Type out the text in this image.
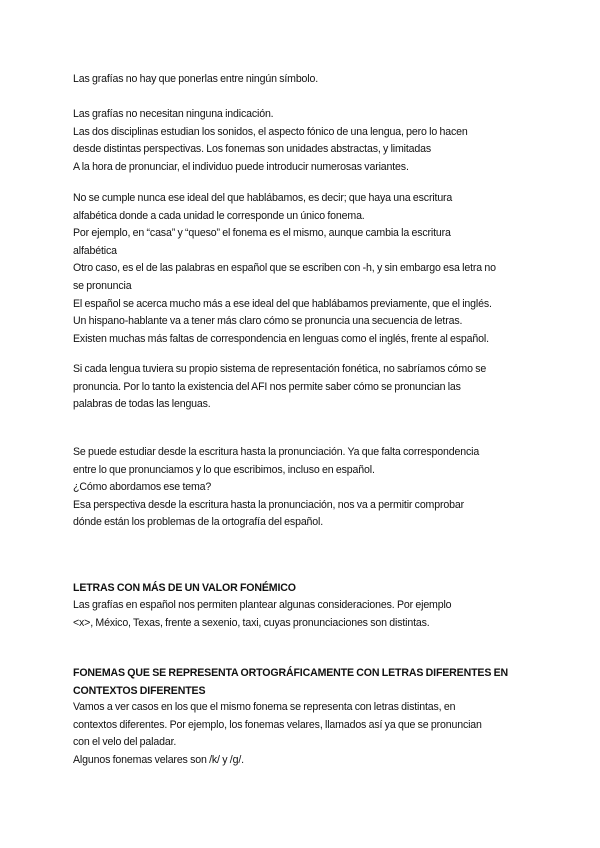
Las grafías no hay que ponerlas entre ningún símbolo.
Las grafías no necesitan ninguna indicación.
Las dos disciplinas estudian los sonidos, el aspecto fónico de una lengua, pero lo hacen
desde distintas perspectivas. Los fonemas son unidades abstractas, y limitadas
A la hora de pronunciar, el individuo puede introducir numerosas variantes.
No se cumple nunca ese ideal del que hablábamos, es decir; que haya una escritura
alfabética donde a cada unidad le corresponde un único fonema.
Por ejemplo, en “casa” y “queso” el fonema es el mismo, aunque cambia la escritura
alfabética
Otro caso, es el de las palabras en español que se escriben con -h, y sin embargo esa letra no
se pronuncia
El español se acerca mucho más a ese ideal del que hablábamos previamente, que el inglés.
Un hispano-hablante va a tener más claro cómo se pronuncia una secuencia de letras.
Existen muchas más faltas de correspondencia en lenguas como el inglés, frente al español.
Si cada lengua tuviera su propio sistema de representación fonética, no sabríamos cómo se
pronuncia. Por lo tanto la existencia del AFI nos permite saber cómo se pronuncian las
palabras de todas las lenguas.
Se puede estudiar desde la escritura hasta la pronunciación. Ya que falta correspondencia
entre lo que pronunciamos y lo que escribimos, incluso en español.
¿Cómo abordamos ese tema?
Esa perspectiva desde la escritura hasta la pronunciación, nos va a permitir comprobar
dónde están los problemas de la ortografía del español.
LETRAS CON MÁS DE UN VALOR FONÉMICO
Las grafías en español nos permiten plantear algunas consideraciones. Por ejemplo
<x>, México, Texas, frente a sexenio, taxi, cuyas pronunciaciones son distintas.
FONEMAS QUE SE REPRESENTA ORTOGRÁFICAMENTE CON LETRAS DIFERENTES EN
CONTEXTOS DIFERENTES
Vamos a ver casos en los que el mismo fonema se representa con letras distintas, en
contextos diferentes. Por ejemplo, los fonemas velares, llamados así ya que se pronuncian
con el velo del paladar.
Algunos fonemas velares son /k/ y /g/.
